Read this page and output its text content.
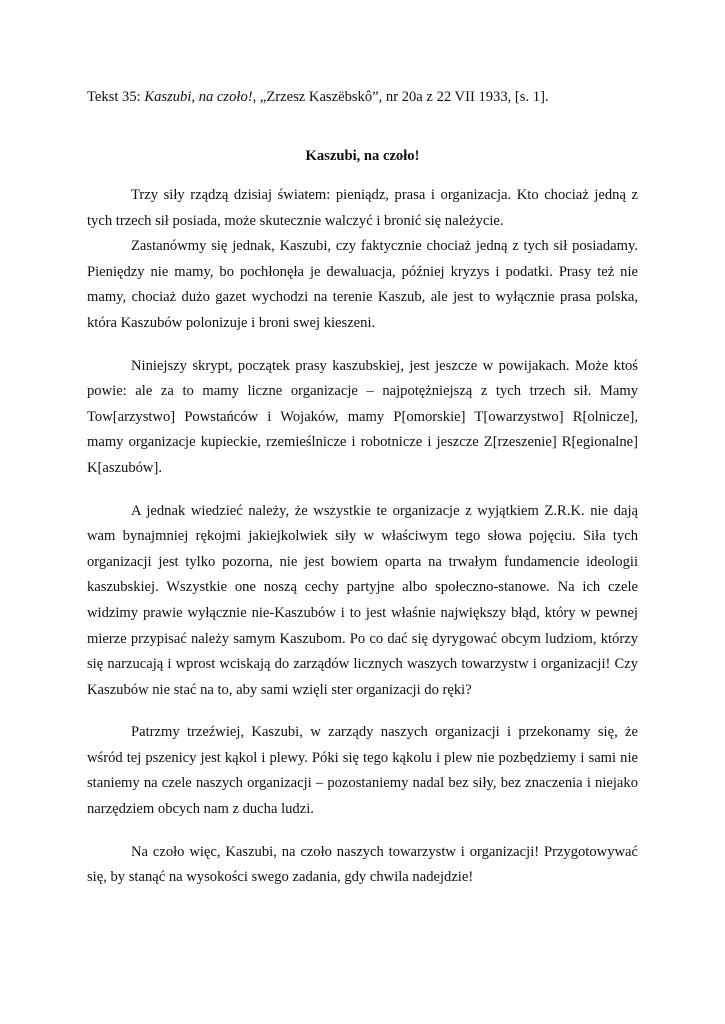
Tekst 35: Kaszubi, na czoło!, „Zrzesz Kaszëbskô”, nr 20a z 22 VII 1933, [s. 1].

Kaszubi, na czoło!

Trzy siły rządzą dzisiaj światem: pieniądz, prasa i organizacja. Kto chociaż jedną z tych trzech sił posiada, może skutecznie walczyć i bronić się należycie.

Zastanówmy się jednak, Kaszubi, czy faktycznie chociaż jedną z tych sił posiadamy. Pieniędzy nie mamy, bo pochłonęła je dewaluacja, później kryzys i podatki. Prasy też nie mamy, chociaż dużo gazet wychodzi na terenie Kaszub, ale jest to wyłącznie prasa polska, która Kaszubów polonizuje i broni swej kieszeni.

Niniejszy skrypt, początek prasy kaszubskiej, jest jeszcze w powijakach. Może ktoś powie: ale za to mamy liczne organizacje – najpotężniejszą z tych trzech sił. Mamy Tow[arzystwo] Powstańców i Wojaków, mamy P[omorskie] T[owarzystwo] R[olnicze], mamy organizacje kupieckie, rzemieślnicze i robotnicze i jeszcze Z[rzeszenie] R[egionalne] K[aszubów].

A jednak wiedzieć należy, że wszystkie te organizacje z wyjątkiem Z.R.K. nie dają wam bynajmniej rękojmi jakiejkolwiek siły w właściwym tego słowa pojęciu. Siła tych organizacji jest tylko pozorna, nie jest bowiem oparta na trwałym fundamencie ideologii kaszubskiej. Wszystkie one noszą cechy partyjne albo społeczno-stanowe. Na ich czele widzimy prawie wyłącznie nie-Kaszubów i to jest właśnie największy błąd, który w pewnej mierze przypisać należy samym Kaszubom. Po co dać się dyrygować obcym ludziom, którzy się narzucają i wprost wciskają do zarządów licznych waszych towarzystw i organizacji! Czy Kaszubów nie stać na to, aby sami wzięli ster organizacji do ręki?

Patrzmy trzeźwiej, Kaszubi, w zarządy naszych organizacji i przekonamy się, że wśród tej pszenicy jest kąkol i plewy. Póki się tego kąkolu i plew nie pozbędziemy i sami nie staniemy na czele naszych organizacji – pozostaniemy nadal bez siły, bez znaczenia i niejako narzędziem obcych nam z ducha ludzi.

Na czoło więc, Kaszubi, na czoło naszych towarzystw i organizacji! Przygotowywać się, by stanąć na wysokości swego zadania, gdy chwila nadejdzie!
